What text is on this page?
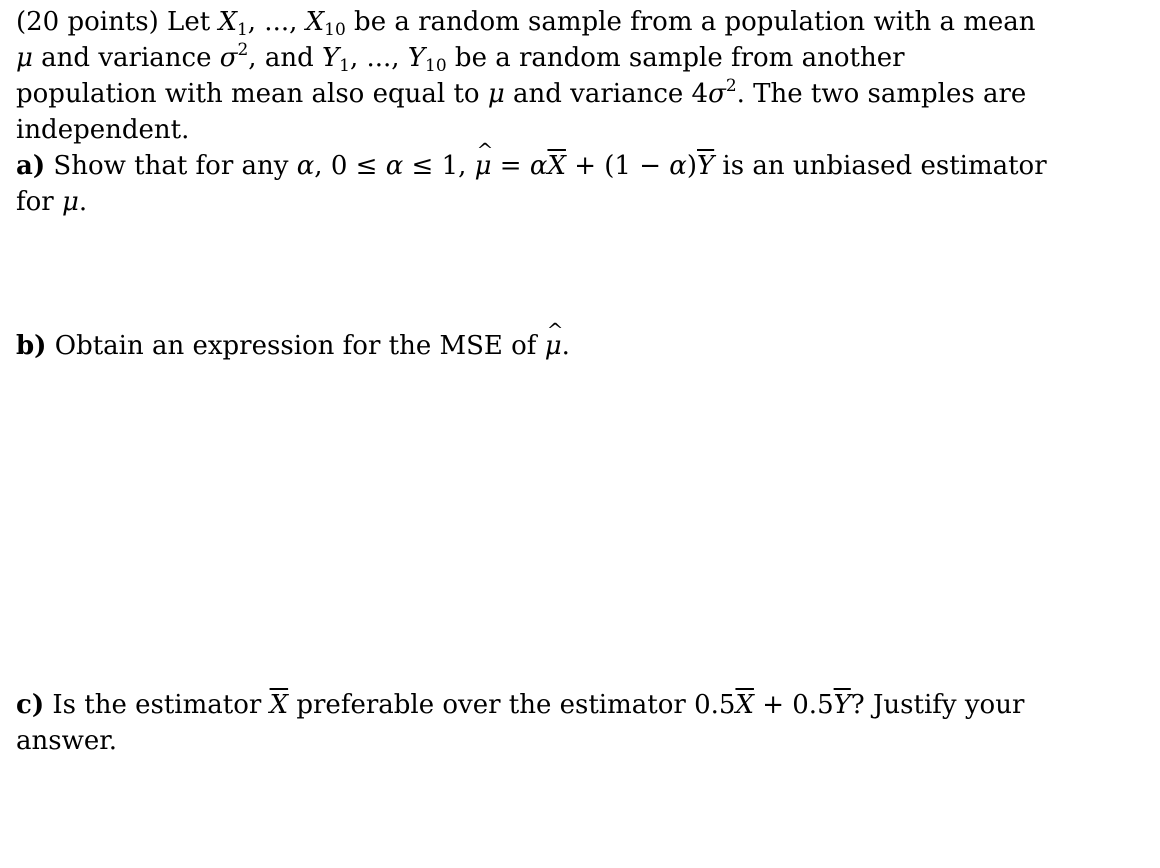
(20 points) Let $X_1$, ..., $X_{10}$ be a random sample from a population with a mean μ and variance $\sigma^2$, and $Y_1$, ..., $Y_{10}$ be a random sample from another population with mean also equal to μ and variance $4\sigma^2$. The two samples are independent.
a) Show that for any α, 0 ≤ α ≤ 1, ^ $\mu = \alpha\overline{X} + (1 - \alpha)\overline{Y}$ is an unbiased estimator for μ.

b) Obtain an expression for the MSE of ^ μ.

c) Is the estimator $\overline{X}$ preferable over the estimator $0.5\overline{X} + 0.5\overline{Y}$? Justify your answer.
